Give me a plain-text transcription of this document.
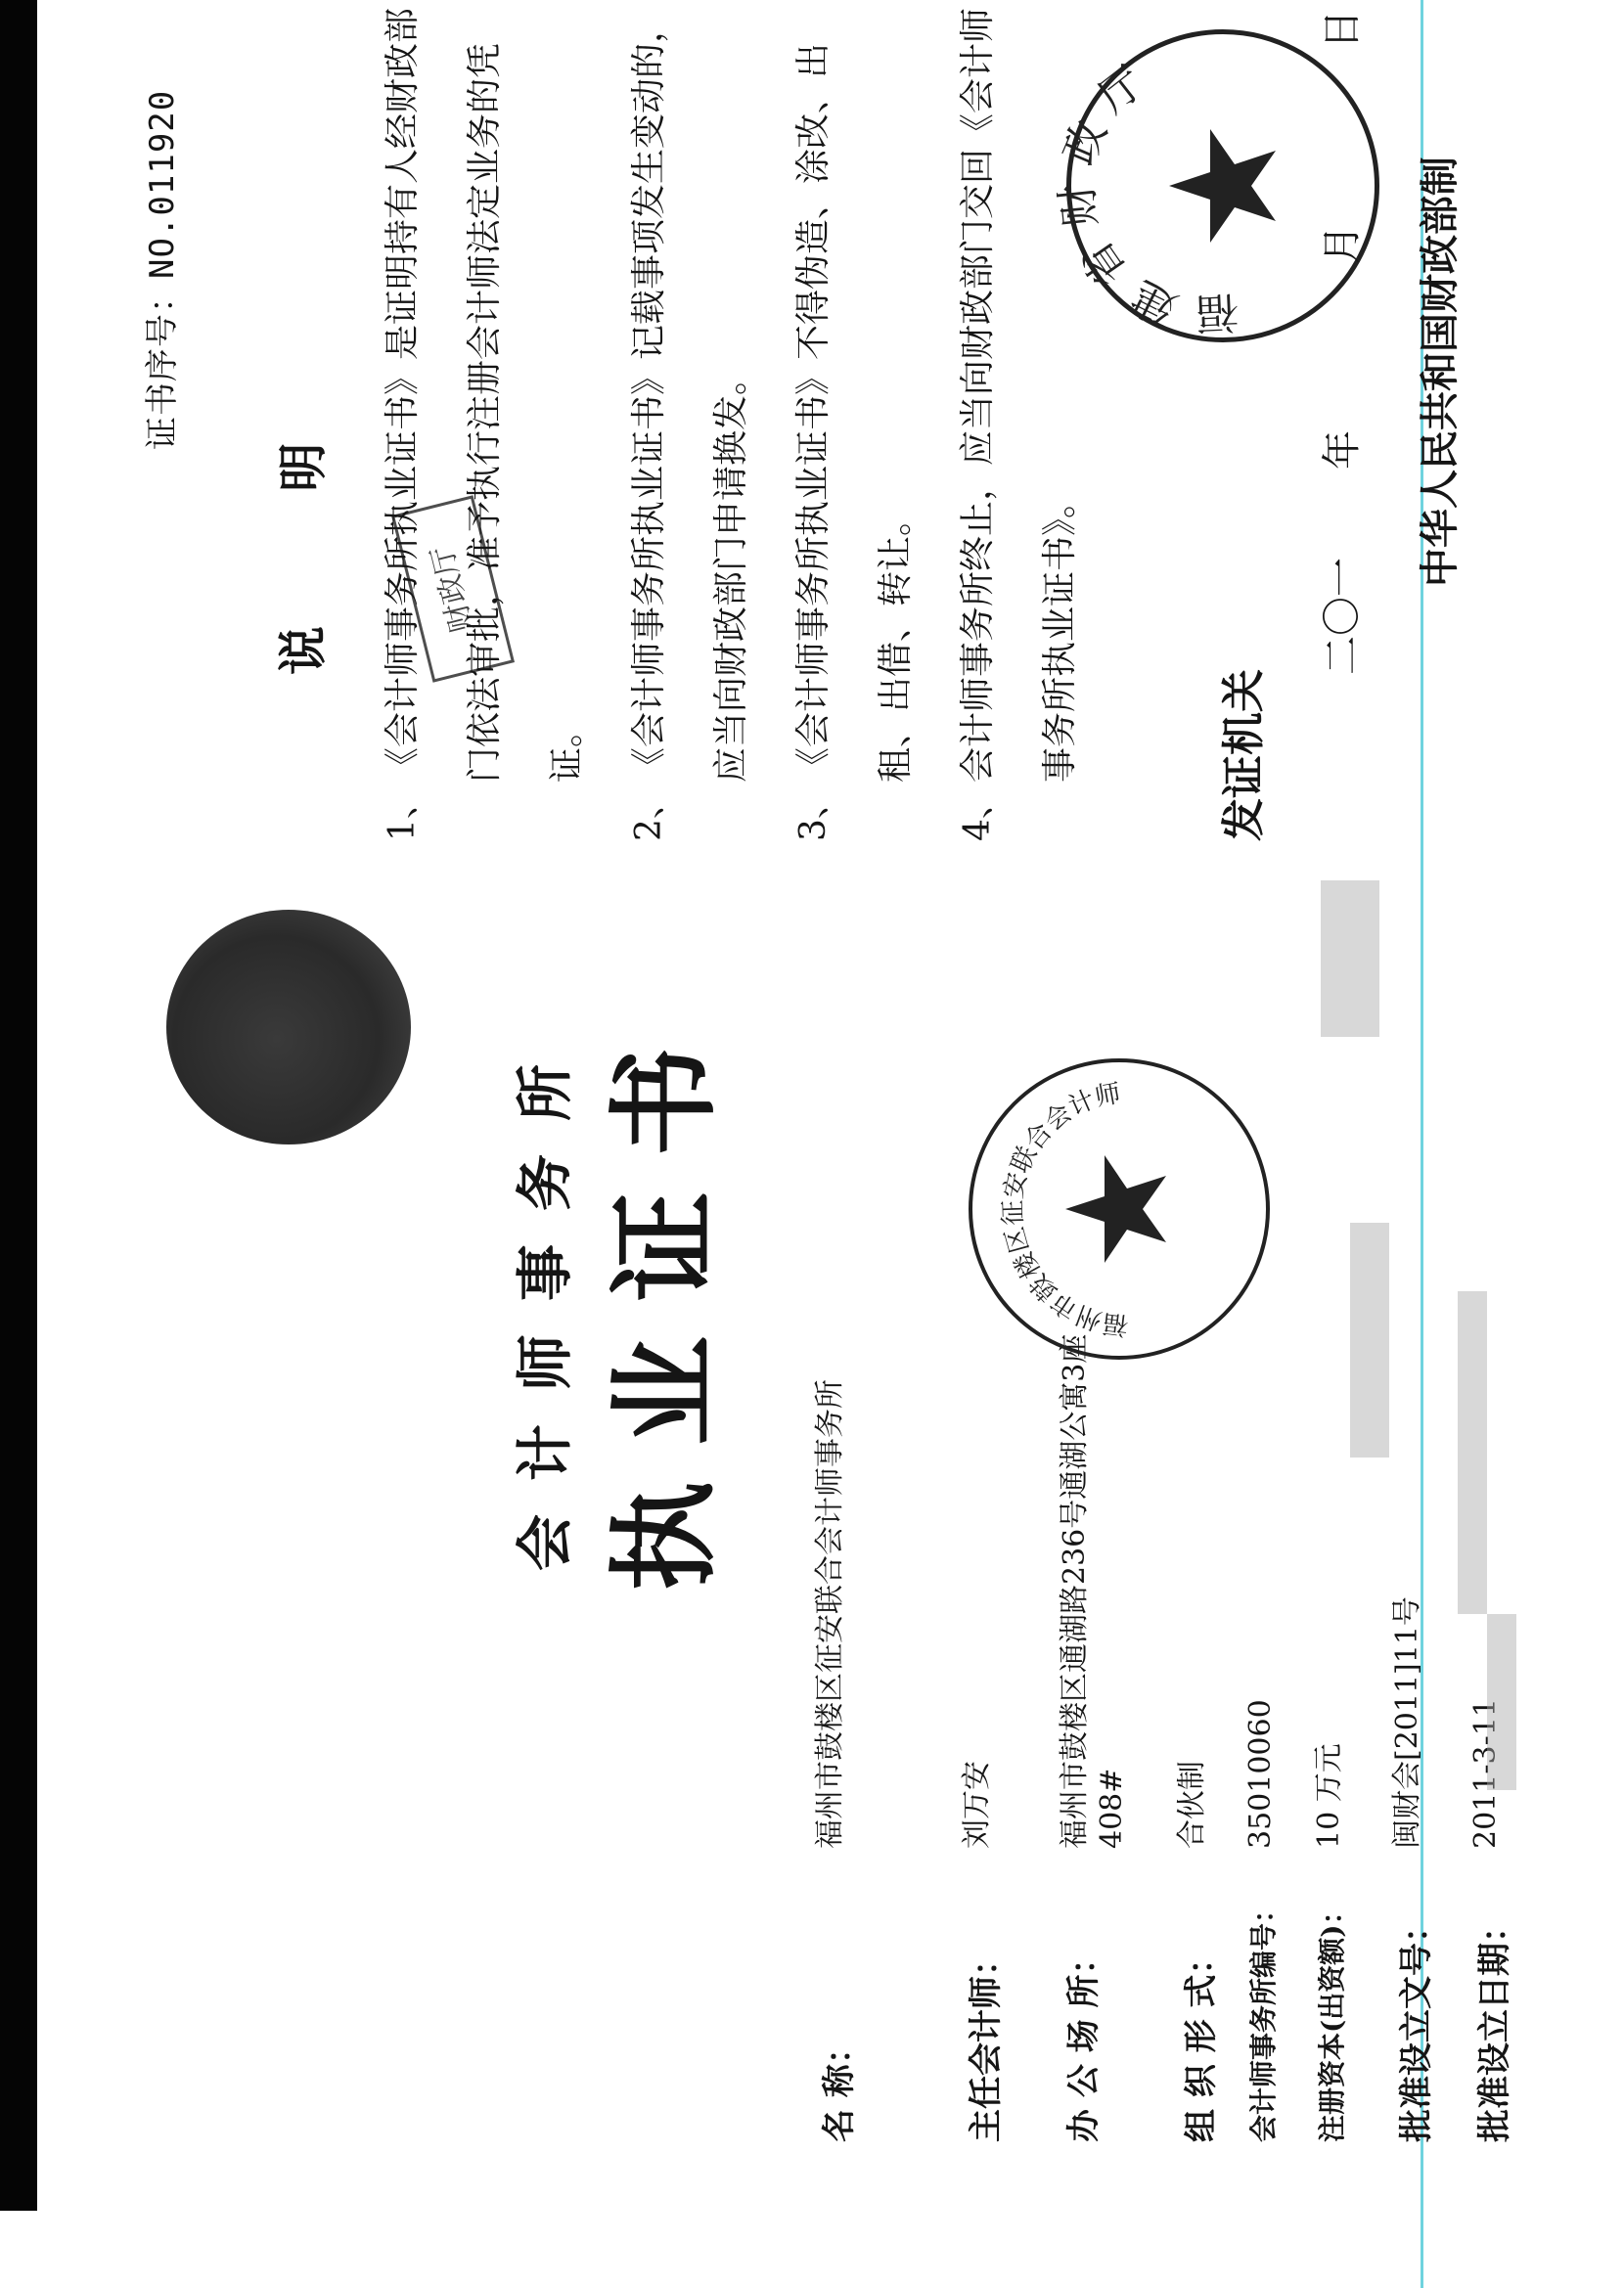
证书序号：NO.011920
会计师事务所 执业证书
名 称：
福州市鼓楼区征安联合会计师事务所
主任会计师：
刘万安
办 公 场 所：
福州市鼓楼区通湖路236号通湖公寓3座408#
组 织 形 式：
合伙制
会计师事务所编号：
35010060
注册资本(出资额)：
10 万元
批准设立文号：
闽财会[2011]11号
批准设立日期：
2011-3-11
福州市鼓楼区征安联合会计师事务所
说 明	财政厅

1、
《会计师事务所执业证书》是证明持有人经财政部门依法审批，准予执行注册会计师法定业务的凭证。

2、
《会计师事务所执业证书》记载事项发生变动的，应当向财政部门申请换发。

3、
《会计师事务所执业证书》不得伪造、涂改、出租、出借、转让。

4、
会计师事务所终止，应当向财政部门交回《会计师事务所执业证书》。	发证机关
福建省财政厅
二〇一
年
月
日
中华人民共和国财政部制
